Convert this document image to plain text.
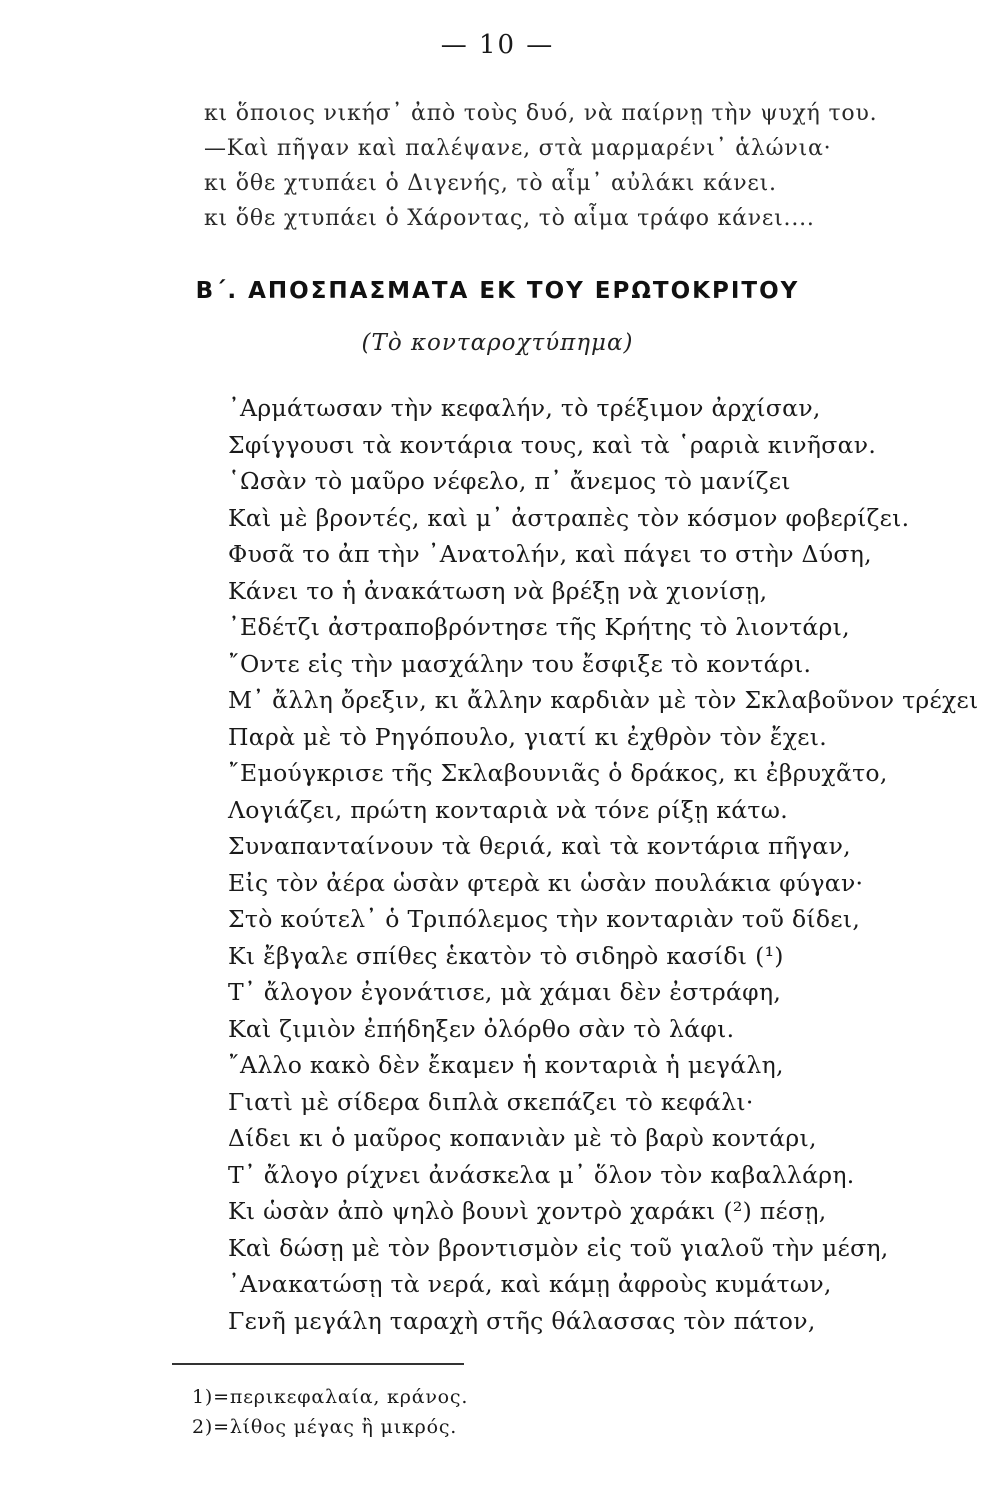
— 10 —
κι ὅποιος νικήσ᾽ ἀπὸ τοὺς δυό, νὰ παίρνῃ τὴν ψυχή του.
—Καὶ πῆγαν καὶ παλέψανε, στὰ μαρμαρένι᾽ ἁλώνια·
κι ὅθε χτυπάει ὁ Διγενής, τὸ αἷμ᾽ αὐλάκι κάνει.
κι ὅθε χτυπάει ὁ Χάροντας, τὸ αἷμα τράφο κάνει....
Β΄. ΑΠΟΣΠΑΣΜΑΤΑ ΕΚ ΤΟΥ ΕΡΩΤΟΚΡΙΤΟΥ
(Τὸ κονταροχτύπημα)
᾿Αρμάτωσαν τὴν κεφαλήν, τὸ τρέξιμον ἀρχίσαν,
Σφίγγουσι τὰ κοντάρια τους, καὶ τὰ ῾ραριὰ κινῆσαν.
῾Ωσὰν τὸ μαῦρο νέφελο, π᾽ ἄνεμος τὸ μανίζει
Καὶ μὲ βροντές, καὶ μ᾽ ἀστραπὲς τὸν κόσμον φοβερίζει.
Φυσᾶ το ἀπ τὴν ᾿Ανατολήν, καὶ πάγει το στὴν Δύση,
Κάνει το ἡ ἀνακάτωση νὰ βρέξῃ νὰ χιονίσῃ,
᾿Εδέτζι ἀστραποβρόντησε τῆς Κρήτης τὸ λιοντάρι,
῎Οντε εἰς τὴν μασχάλην του ἔσφιξε τὸ κοντάρι.
Μ᾽ ἄλλη ὄρεξιν, κι ἄλλην καρδιὰν μὲ τὸν Σκλαβοῦνον τρέχει
Παρὰ μὲ τὸ Ρηγόπουλο, γιατί κι ἐχθρὸν τὸν ἔχει.
῎Εμούγκρισε τῆς Σκλαβουνιᾶς ὁ δράκος, κι ἐβρυχᾶτο,
Λογιάζει, πρώτη κονταριὰ νὰ τόνε ρίξῃ κάτω.
Συναπανταίνουν τὰ θεριά, καὶ τὰ κοντάρια πῆγαν,
Εἰς τὸν ἀέρα ὡσὰν φτερὰ κι ὡσὰν πουλάκια φύγαν·
Στὸ κούτελ᾽ ὁ Τριπόλεμος τὴν κονταριὰν τοῦ δίδει,
Κι ἔβγαλε σπίθες ἑκατὸν τὸ σιδηρὸ κασίδι (¹)
Τ᾽ ἄλογον ἐγονάτισε, μὰ χάμαι δὲν ἐστράφη,
Καὶ ζιμιὸν ἐπήδηξεν ὀλόρθο σὰν τὸ λάφι.
῎Αλλο κακὸ δὲν ἔκαμεν ἡ κονταριὰ ἡ μεγάλη,
Γιατὶ μὲ σίδερα διπλὰ σκεπάζει τὸ κεφάλι·
Δίδει κι ὁ μαῦρος κοπανιὰν μὲ τὸ βαρὺ κοντάρι,
Τ᾽ ἄλογο ρίχνει ἀνάσκελα μ᾽ ὅλον τὸν καβαλλάρη.
Κι ὡσὰν ἀπὸ ψηλὸ βουνὶ χοντρὸ χαράκι (²) πέσῃ,
Καὶ δώσῃ μὲ τὸν βροντισμὸν εἰς τοῦ γιαλοῦ τὴν μέση,
᾿Ανακατώσῃ τὰ νερά, καὶ κάμῃ ἀφροὺς κυμάτων,
Γενῆ μεγάλη ταραχὴ στῆς θάλασσας τὸν πάτον,
1)=περικεφαλαία, κράνος.
2)=λίθος μέγας ἢ μικρός.
